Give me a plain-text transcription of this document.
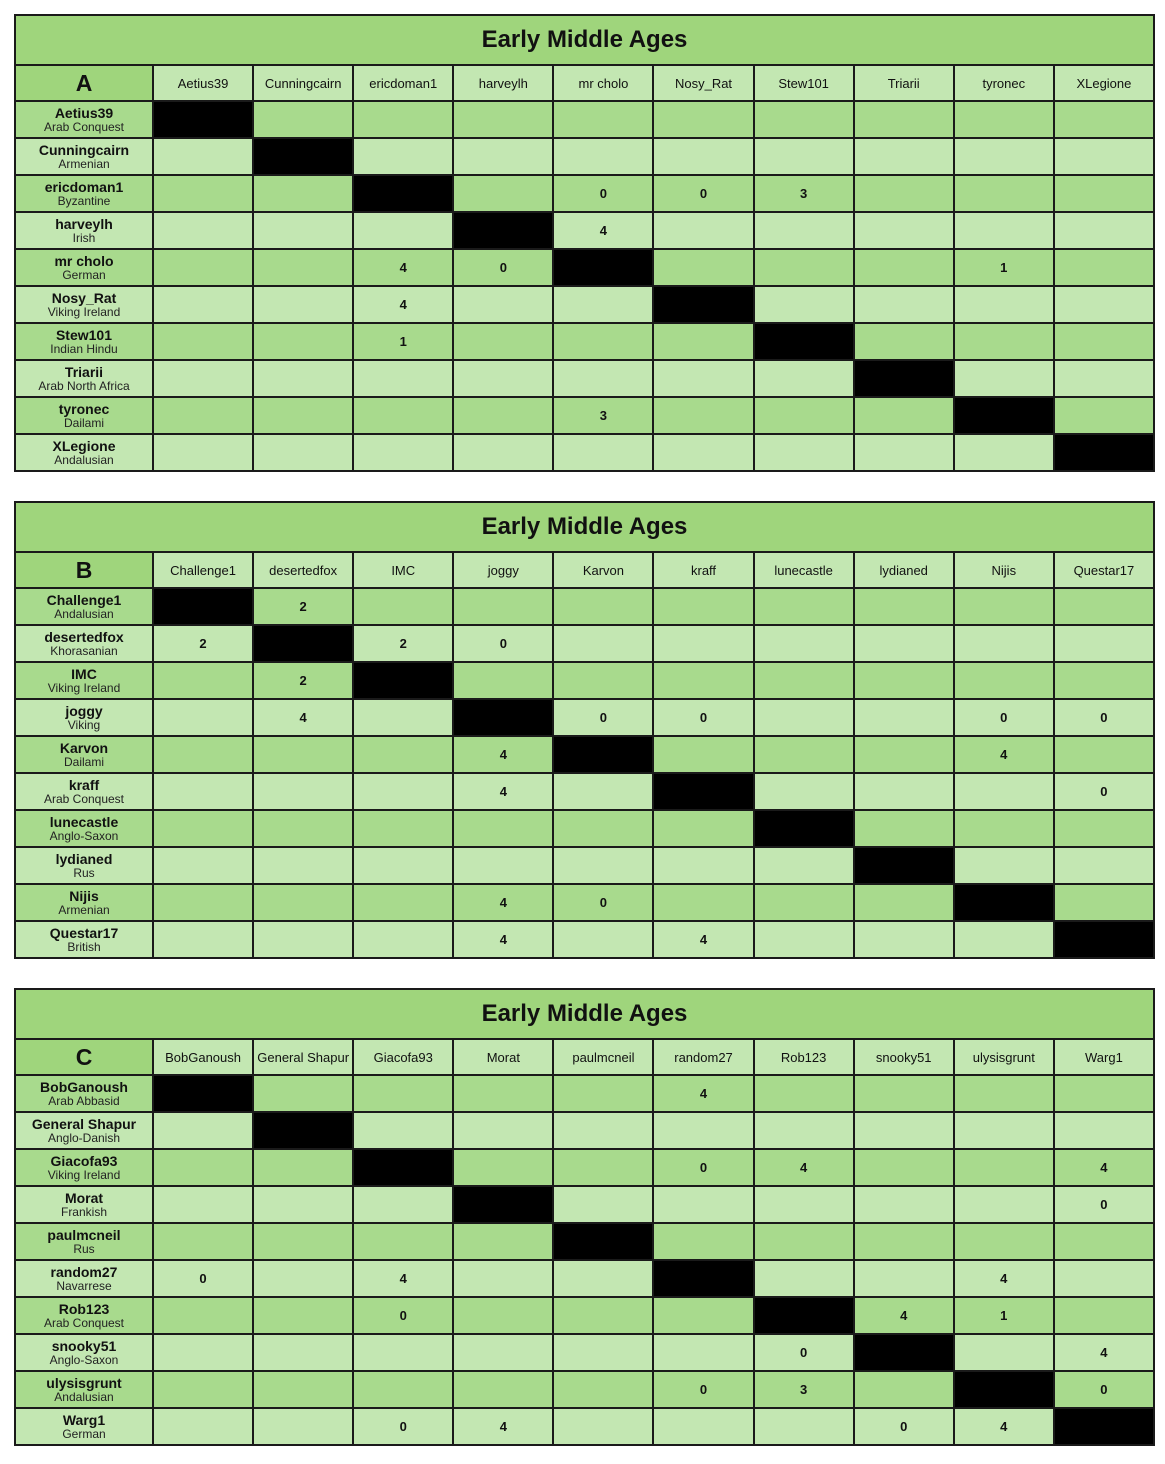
Early Middle Ages										
A	Aetius39	Cunningcairn	ericdoman1	harveylh	mr cholo	Nosy_Rat	Stew101	Triarii	tyronec	XLegione

Aetius39
Arab Conquest										

Cunningcairn
Armenian										

ericdoman1
Byzantine					0	0	3			

harveylh
Irish					4					

mr cholo
German			4	0					1	

Nosy_Rat
Viking Ireland			4							

Stew101
Indian Hindu			1							

Triarii
Arab North Africa										

tyronec
Dailami					3					

XLegione
Andalusian										

Early Middle Ages										
B	Challenge1	desertedfox	IMC	joggy	Karvon	kraff	lunecastle	lydianed	Nijis	Questar17

Challenge1
Andalusian		2								

desertedfox
Khorasanian	2		2	0						

IMC
Viking Ireland		2								

joggy
Viking		4			0	0			0	0

Karvon
Dailami				4					4	

kraff
Arab Conquest				4						0

lunecastle
Anglo-Saxon										

lydianed
Rus										

Nijis
Armenian				4	0					

Questar17
British				4		4				
Early Middle Ages										
C	BobGanoush	General Shapur	Giacofa93	Morat	paulmcneil	random27	Rob123	snooky51	ulysisgrunt	Warg1

BobGanoush
Arab Abbasid						4				

General Shapur
Anglo-Danish										

Giacofa93
Viking Ireland						0	4			4

Morat
Frankish										0

paulmcneil
Rus										

random27
Navarrese	0		4						4	

Rob123
Arab Conquest			0					4	1	

snooky51
Anglo-Saxon							0			4

ulysisgrunt
Andalusian						0	3			0

Warg1
German			0	4				0	4	
